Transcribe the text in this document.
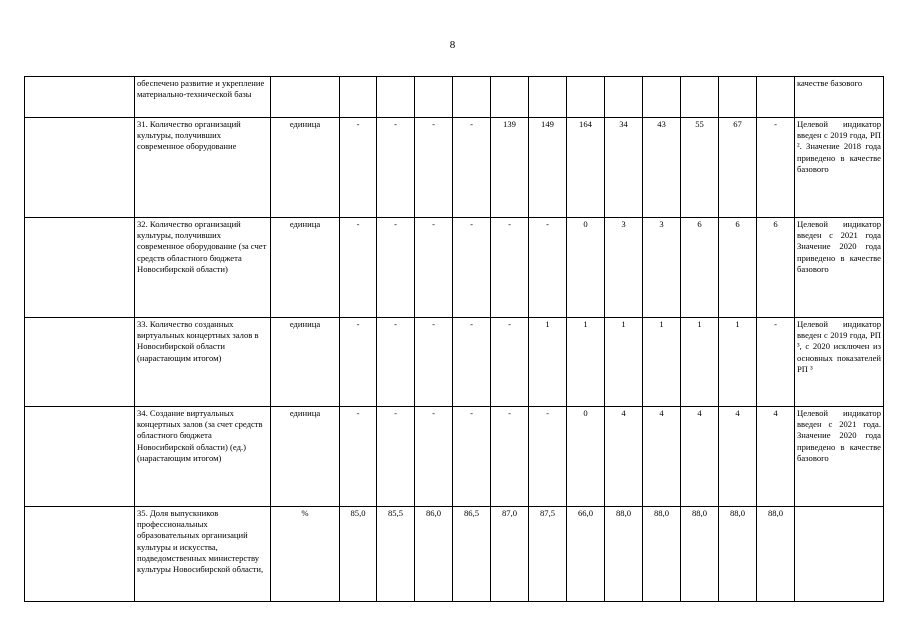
8
	обеспечено развитие и укрепление материально-технической базы														качестве базового
	31. Количество организаций культуры, получивших современное оборудование	единица	-	-	-	-	139	149	164	34	43	55	67	-	Целевой индикатор введен с 2019 года, РП ². Значение 2018 года приведено в качестве базового
	32. Количество организаций культуры, получивших современное оборудование (за счет средств областного бюджета Новосибирской области)	единица	-	-	-	-	-	-	0	3	3	6	6	6	Целевой индикатор введен с 2021 года Значение 2020 года приведено в качестве базового
	33. Количество созданных виртуальных концертных залов в Новосибирской области (нарастающим итогом)	единица	-	-	-	-	-	1	1	1	1	1	1	-	Целевой индикатор введен с 2019 года, РП ³, с 2020 исключен из основных показателей РП ³
	34. Создание виртуальных концертных залов (за счет средств областного бюджета Новосибирской области) (ед.) (нарастающим итогом)	единица	-	-	-	-	-	-	0	4	4	4	4	4	Целевой индикатор введен с 2021 года. Значение 2020 года приведено в качестве базового
	35. Доля выпускников профессиональных образовательных организаций культуры и искусства, подведомственных министерству культуры Новосибирской области,	%	85,0	85,5	86,0	86,5	87,0	87,5	66,0	88,0	88,0	88,0	88,0	88,0	
